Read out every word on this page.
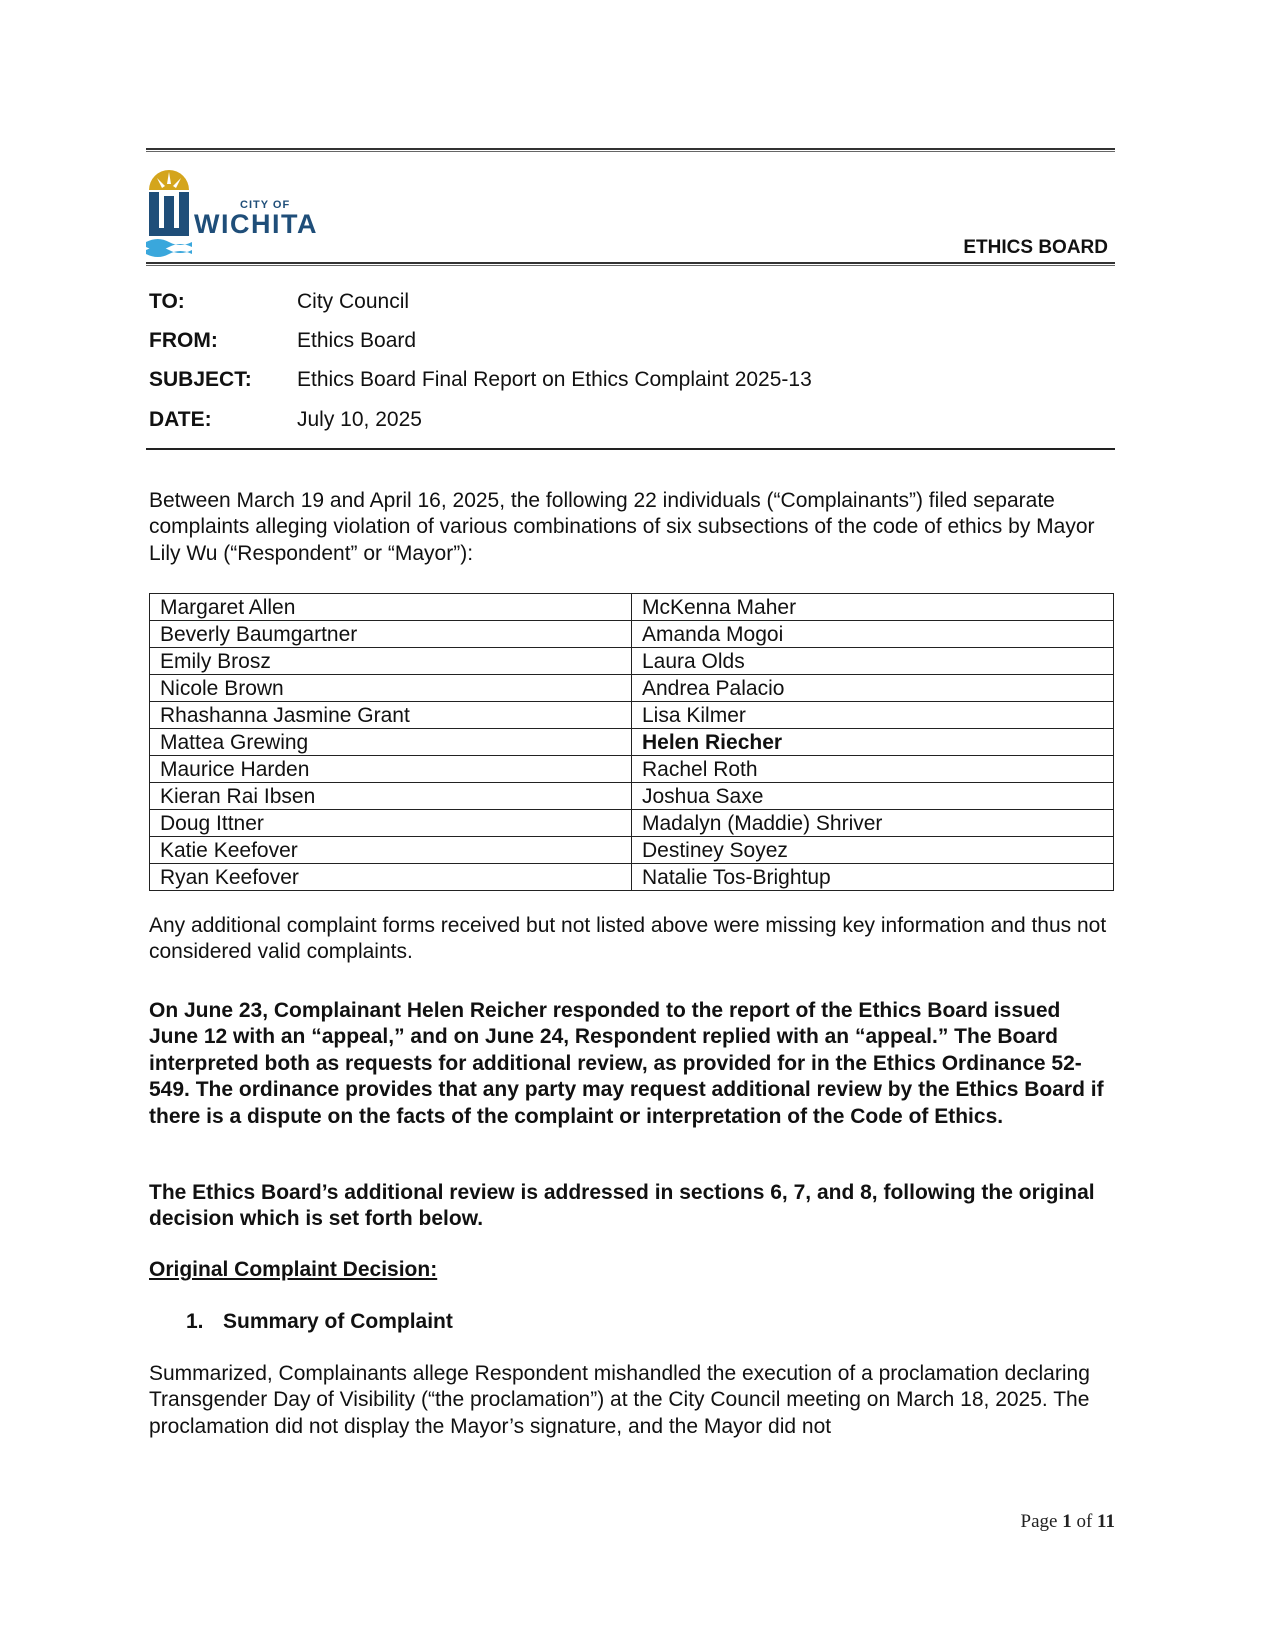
CITY OF
WICHITA
ETHICS BOARD
TO:	City Council
FROM:	Ethics Board
SUBJECT: Ethics Board Final Report on Ethics Complaint 2025-13
DATE:	July 10, 2025
Between March 19 and April 16, 2025, the following 22 individuals (“Complainants”) filed separate complaints alleging violation of various combinations of six subsections of the code of ethics by Mayor Lily Wu (“Respondent” or “Mayor”):
Margaret Allen	McKenna Maher
Beverly Baumgartner	Amanda Mogoi
Emily Brosz	Laura Olds
Nicole Brown	Andrea Palacio
Rhashanna Jasmine Grant	Lisa Kilmer
Mattea Grewing	Helen Riecher
Maurice Harden	Rachel Roth
Kieran Rai Ibsen	Joshua Saxe
Doug Ittner	Madalyn (Maddie) Shriver
Katie Keefover	Destiney Soyez
Ryan Keefover	Natalie Tos-Brightup
Any additional complaint forms received but not listed above were missing key information and thus not considered valid complaints.
On June 23, Complainant Helen Reicher responded to the report of the Ethics Board issued June 12 with an “appeal,” and on June 24, Respondent replied with an “appeal.” The Board interpreted both as requests for additional review, as provided for in the Ethics Ordinance 52-549. The ordinance provides that any party may request additional review by the Ethics Board if there is a dispute on the facts of the complaint or interpretation of the Code of Ethics.
The Ethics Board’s additional review is addressed in sections 6, 7, and 8, following the original decision which is set forth below.
Original Complaint Decision:
1. Summary of Complaint
Summarized, Complainants allege Respondent mishandled the execution of a proclamation declaring Transgender Day of Visibility (“the proclamation”) at the City Council meeting on March 18, 2025. The proclamation did not display the Mayor’s signature, and the Mayor did not
Page 1 of 11
